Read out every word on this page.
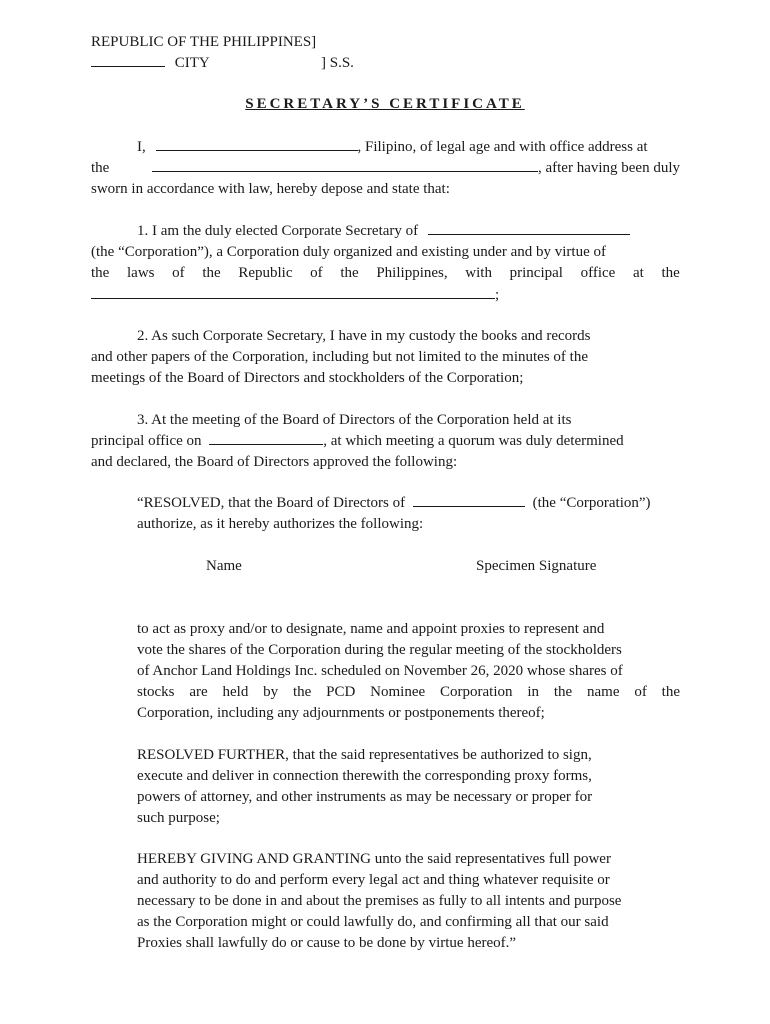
REPUBLIC OF THE PHILIPPINES]
CITY	] S.S.
SECRETARY’S CERTIFICATE
I,	, Filipino, of legal age and with office address at
the	, after having been duly
sworn in accordance with law, hereby depose and state that:
1. I am the duly elected Corporate Secretary of
(the “Corporation”), a Corporation duly organized and existing under and by virtue of
the laws of the Republic of the Philippines, with principal office at the
;
2. As such Corporate Secretary, I have in my custody the books and records
and other papers of the Corporation, including but not limited to the minutes of the
meetings of the Board of Directors and stockholders of the Corporation;
3. At the meeting of the Board of Directors of the Corporation held at its
principal office on	, at which meeting a quorum was duly determined
and declared, the Board of Directors approved the following:
“RESOLVED, that the Board of Directors of	(the “Corporation”)
authorize, as it hereby authorizes the following:
Name	Specimen Signature
to act as proxy and/or to designate, name and appoint proxies to represent and
vote the shares of the Corporation during the regular meeting of the stockholders
of Anchor Land Holdings Inc. scheduled on November 26, 2020 whose shares of
stocks are held by the PCD Nominee Corporation in the name of the
Corporation, including any adjournments or postponements thereof;
RESOLVED FURTHER, that the said representatives be authorized to sign,
execute and deliver in connection therewith the corresponding proxy forms,
powers of attorney, and other instruments as may be necessary or proper for
such purpose;
HEREBY GIVING AND GRANTING unto the said representatives full power
and authority to do and perform every legal act and thing whatever requisite or
necessary to be done in and about the premises as fully to all intents and purpose
as the Corporation might or could lawfully do, and confirming all that our said
Proxies shall lawfully do or cause to be done by virtue hereof.”
